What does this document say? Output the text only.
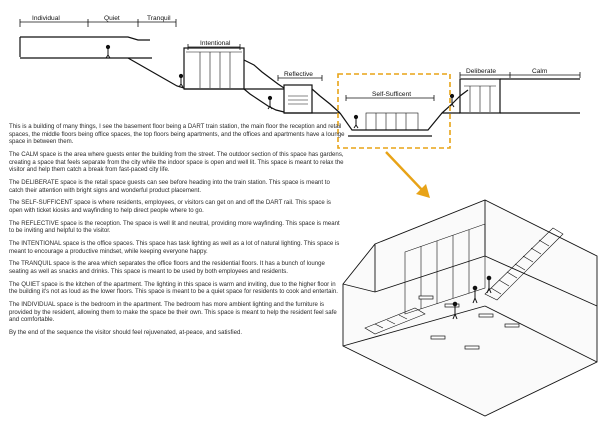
Individual	Quiet	Tranquil
Intentional
Reflective
Self-Sufficent
Deliberate	Calm

This is a building of many things, I see the basement floor being a DART train station, the main floor the reception and retail spaces, the middle floors being office spaces, the top floors being apartments, and the offices and apartments have a lounge space in between them.

The CALM space is the area where guests enter the building from the street. The outdoor section of this space has gardens, creating a space that feels separate from the city while the indoor space is open and well lit. This space is meant to relax the visitor and help them catch a break from fast-paced city life.

The DELIBERATE space is the retail space guests can see before heading into the train station. This space is meant to catch their attention with bright signs and wonderful product placement.

The SELF-SUFFICENT space is where residents, employees, or visitors can get on and off the DART rail. This space is open with ticket kiosks and wayfinding to help direct people where to go.

The REFLECTIVE space is the reception. The space is well lit and neutral, providing more wayfinding. This space is meant to be inviting and helpful to the visitor.

The INTENTIONAL space is the office spaces. This space has task lighting as well as a lot of natural lighting. This space is meant to encourage a productive mindset, while keeping everyone happy.

The TRANQUIL space is the area which separates the office floors and the residential floors. It has a bunch of lounge seating as well as snacks and drinks. This space is meant to be used by both employees and residents.

The QUIET space is the kitchen of the apartment. The lighting in this space is warm and inviting, due to the higher floor in the building it's not as loud as the lower floors. This space is meant to be a quiet space for residents to cook and entertain.

The INDIVIDUAL space is the bedroom in the apartment. The bedroom has more ambient lighting and the furniture is provided by the resident, allowing them to make the space be their own. This space is meant to help the resident feel safe and comfortable.

By the end of the sequence the visitor should feel rejuvenated, at-peace, and satisfied.
